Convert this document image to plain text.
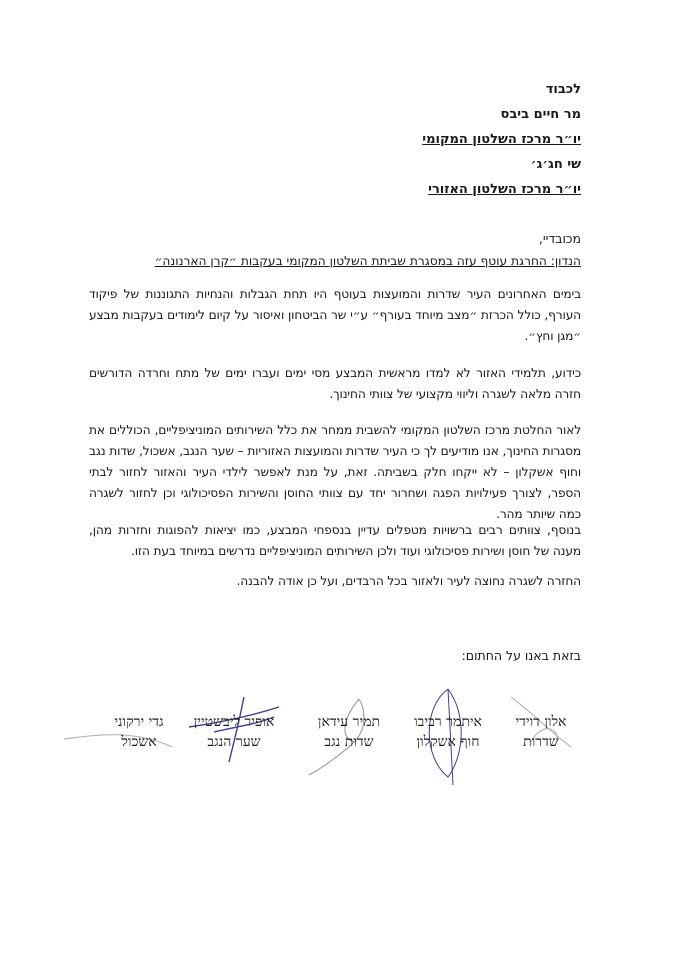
לכבוד
מר חיים ביבס
יו״ר מרכז השלטון המקומי
שי חג׳ג׳
יו״ר מרכז השלטון האזורי
מכובדיי,
הנדון: החרגת עוטף עזה במסגרת שביתת השלטון המקומי בעקבות ״קרן הארנונה״

בימים האחרונים העיר שדרות והמועצות בעוטף היו תחת הגבלות והנחיות התגוננות של פיקוד העורף, כולל הכרזת ״מצב מיוחד בעורף״ ע״י שר הביטחון ואיסור על קיום לימודים בעקבות מבצע ״מגן וחץ״.

כידוע, תלמידי האזור לא למדו מראשית המבצע מסי ימים ועברו ימים של מתח וחרדה הדורשים חזרה מלאה לשגרה וליווי מקצועי של צוותי החינוך.

לאור החלטת מרכז השלטון המקומי להשבית ממחר את כלל השירותים המוניציפליים, הכוללים את מסגרות החינוך, אנו מודיעים לך כי העיר שדרות והמועצות האזוריות – שער הנגב, אשכול, שדות נגב וחוף אשקלון – לא ייקחו חלק בשביתה. זאת, על מנת לאפשר לילדי העיר והאזור לחזור לבתי הספר, לצורך פעילויות הפגה ושחרור יחד עם צוותי החוסן והשירות הפסיכולוגי וכן לחזור לשגרה כמה שיותר מהר.

בנוסף, צוותים רבים ברשויות מטפלים עדיין בנספחי המבצע, כמו יציאות להפוגות וחזרות מהן, מענה של חוסן ושירות פסיכולוגי ועוד ולכן השירותים המוניציפליים נדרשים במיוחד בעת הזו.

החזרה לשגרה נחוצה לעיר ולאזור בכל הרבדים, ועל כן אודה להבנה.

בזאת באנו על החתום:
אלון דוידי
שדרות
איתמר רביבו
חוף אשקלון
תמיר עידאן
שדות נגב
אופיר ליבשטיין
שער הנגב
גדי ירקוני
אשכול
